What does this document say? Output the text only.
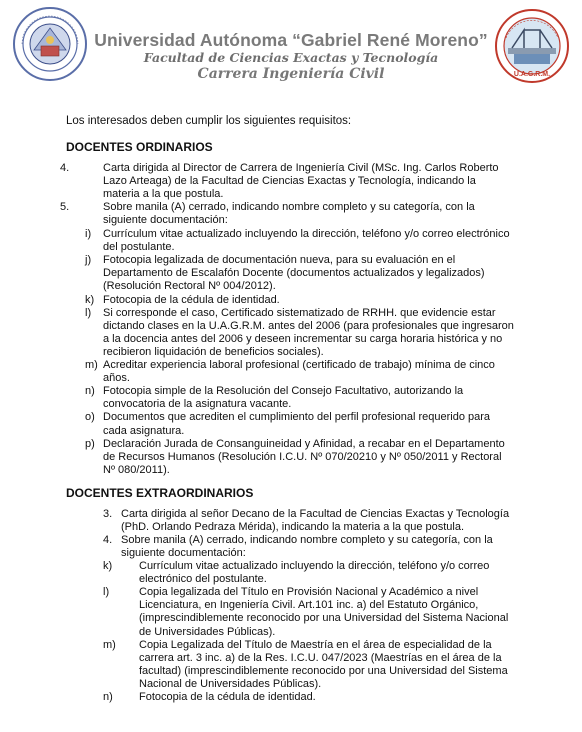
U.A.G.R.M.
Universidad Autónoma “Gabriel René Moreno”
Facultad de Ciencias Exactas y Tecnología
Carrera Ingeniería Civil
Los interesados deben cumplir los siguientes requisitos:
DOCENTES ORDINARIOS
DOCENTES EXTRAORDINARIOS
4.	Carta dirigida al Director de Carrera de Ingeniería Civil (MSc. Ing. Carlos Roberto
Lazo Arteaga) de la Facultad de Ciencias Exactas y Tecnología, indicando la
materia a la que postula.
5.	Sobre manila (A) cerrado, indicando nombre completo y su categoría, con la
siguiente documentación:
i) Currículum vitae actualizado incluyendo la dirección, teléfono y/o correo electrónico
del postulante.
j) Fotocopia legalizada de documentación nueva, para su evaluación en el
Departamento de Escalafón Docente (documentos actualizados y legalizados)
(Resolución Rectoral Nº 004/2012).
k) Fotocopia de la cédula de identidad.
l) Si corresponde el caso, Certificado sistematizado de RRHH. que evidencie estar
dictando clases en la U.A.G.R.M. antes del 2006 (para profesionales que ingresaron
a la docencia antes del 2006 y deseen incrementar su carga horaria histórica y no
recibieron liquidación de beneficios sociales).
m) Acreditar experiencia laboral profesional (certificado de trabajo) mínima de cinco
años.
n) Fotocopia simple de la Resolución del Consejo Facultativo, autorizando la
convocatoria de la asignatura vacante.
o) Documentos que acrediten el cumplimiento del perfil profesional requerido para
cada asignatura.
p) Declaración Jurada de Consanguineidad y Afinidad, a recabar en el Departamento
de Recursos Humanos (Resolución I.C.U. Nº 070/20210 y Nº 050/2011 y Rectoral
Nº 080/2011).
3. Carta dirigida al señor Decano de la Facultad de Ciencias Exactas y Tecnología
(PhD. Orlando Pedraza Mérida), indicando la materia a la que postula.
4. Sobre manila (A) cerrado, indicando nombre completo y su categoría, con la
siguiente documentación:
k) Currículum vitae actualizado incluyendo la dirección, teléfono y/o correo
electrónico del postulante.
l)	Copia legalizada del Título en Provisión Nacional y Académico a nivel
Licenciatura, en Ingeniería Civil. Art.101 inc. a) del Estatuto Orgánico,
(imprescindiblemente reconocido por una Universidad del Sistema Nacional
de Universidades Públicas).
m) Copia Legalizada del Título de Maestría en el área de especialidad de la
carrera art. 3 inc. a) de la Res. I.C.U. 047/2023 (Maestrías en el área de la
facultad) (imprescindiblemente reconocido por una Universidad del Sistema
Nacional de Universidades Públicas).
n) Fotocopia de la cédula de identidad.
